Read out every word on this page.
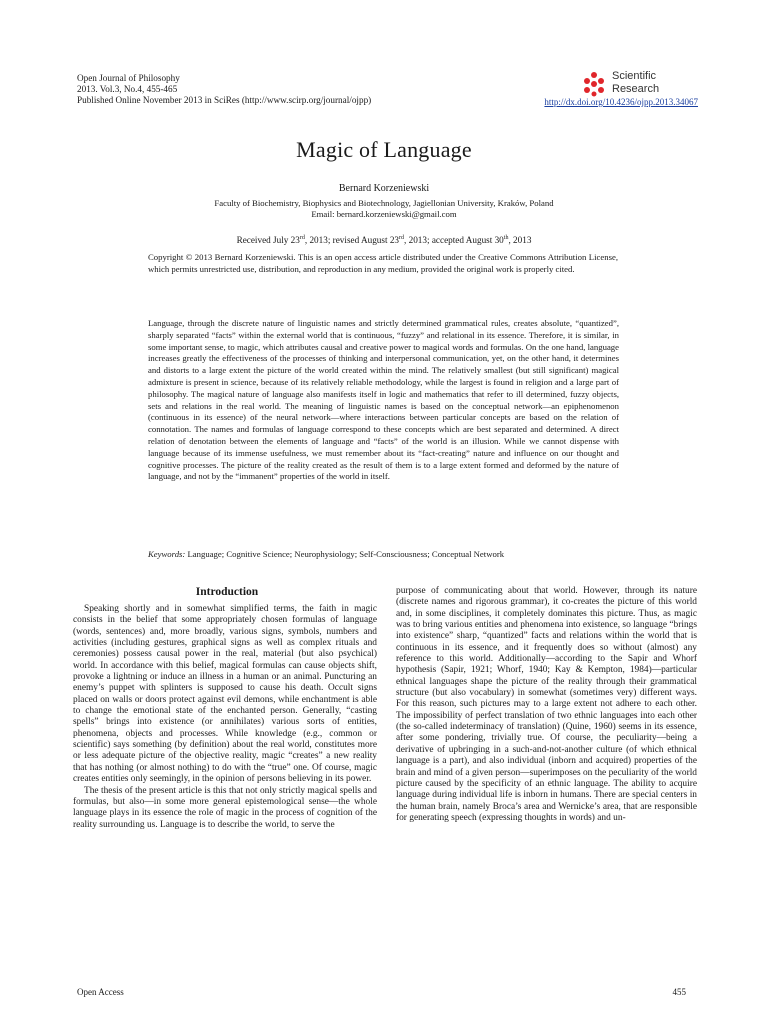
Open Journal of Philosophy
2013. Vol.3, No.4, 455-465
Published Online November 2013 in SciRes (http://www.scirp.org/journal/ojpp)
Scientific
Research
http://dx.doi.org/10.4236/ojpp.2013.34067
Magic of Language
Bernard Korzeniewski
Faculty of Biochemistry, Biophysics and Biotechnology, Jagiellonian University, Kraków, Poland
Email: bernard.korzeniewski@gmail.com
Received July 23rd, 2013; revised August 23rd, 2013; accepted August 30th, 2013
Copyright © 2013 Bernard Korzeniewski. This is an open access article distributed under the Creative Commons Attribution License, which permits unrestricted use, distribution, and reproduction in any medium, provided the original work is properly cited.
Language, through the discrete nature of linguistic names and strictly determined grammatical rules, creates absolute, “quantized”, sharply separated “facts” within the external world that is continuous, “fuzzy” and relational in its essence. Therefore, it is similar, in some important sense, to magic, which attributes causal and creative power to magical words and formulas. On the one hand, language increases greatly the effectiveness of the processes of thinking and interpersonal communication, yet, on the other hand, it determines and distorts to a large extent the picture of the world created within the mind. The relatively smallest (but still significant) magical admixture is present in science, because of its relatively reliable methodology, while the largest is found in religion and a large part of philosophy. The magical nature of language also manifests itself in logic and mathematics that refer to ill determined, fuzzy objects, sets and relations in the real world. The meaning of linguistic names is based on the conceptual network—an epiphenomenon (continuous in its essence) of the neural network—where interactions between particular concepts are based on the relation of connotation. The names and formulas of language correspond to these concepts which are best separated and determined. A direct relation of denotation between the elements of language and “facts” of the world is an illusion. While we cannot dispense with language because of its immense usefulness, we must remember about its “fact-creating” nature and influence on our thought and cognitive processes. The picture of the reality created as the result of them is to a large extent formed and deformed by the nature of language, and not by the “immanent” properties of the world in itself.
Keywords: Language; Cognitive Science; Neurophysiology; Self-Consciousness; Conceptual Network
Introduction

Speaking shortly and in somewhat simplified terms, the faith in magic consists in the belief that some appropriately chosen formulas of language (words, sentences) and, more broadly, various signs, symbols, numbers and activities (including gestures, graphical signs as well as complex rituals and ceremonies) possess causal power in the real, material (but also psychical) world. In accordance with this belief, magical formulas can cause objects shift, provoke a lightning or induce an illness in a human or an animal. Puncturing an enemy’s puppet with splinters is supposed to cause his death. Occult signs placed on walls or doors protect against evil demons, while enchantment is able to change the emotional state of the enchanted person. Generally, “casting spells” brings into existence (or annihilates) various sorts of entities, phenomena, objects and processes. While knowledge (e.g., common or scientific) says something (by definition) about the real world, constitutes more or less adequate picture of the objective reality, magic “creates” a new reality that has nothing (or almost nothing) to do with the “true” one. Of course, magic creates entities only seemingly, in the opinion of persons believing in its power.

The thesis of the present article is this that not only strictly magical spells and formulas, but also—in some more general epistemological sense—the whole language plays in its essence the role of magic in the process of cognition of the reality surrounding us. Language is to describe the world, to serve the

purpose of communicating about that world. However, through its nature (discrete names and rigorous grammar), it co-creates the picture of this world and, in some disciplines, it completely dominates this picture. Thus, as magic was to bring various entities and phenomena into existence, so language “brings into existence” sharp, “quantized” facts and relations within the world that is continuous in its essence, and it frequently does so without (almost) any reference to this world. Additionally—according to the Sapir and Whorf hypothesis (Sapir, 1921; Whorf, 1940; Kay & Kempton, 1984)—particular ethnical languages shape the picture of the reality through their grammatical structure (but also vocabulary) in somewhat (sometimes very) different ways. For this reason, such pictures may to a large extent not adhere to each other. The impossibility of perfect translation of two ethnic languages into each other (the so-called indeterminacy of translation) (Quine, 1960) seems in its essence, after some pondering, trivially true. Of course, the peculiarity—being a derivative of upbringing in a such-and-not-another culture (of which ethnical language is a part), and also individual (inborn and acquired) properties of the brain and mind of a given person—superimposes on the peculiarity of the world picture caused by the specificity of an ethnic language. The ability to acquire language during individual life is inborn in humans. There are special centers in the human brain, namely Broca’s area and Wernicke’s area, that are responsible for generating speech (expressing thoughts in words) and un-

Open Access	455
